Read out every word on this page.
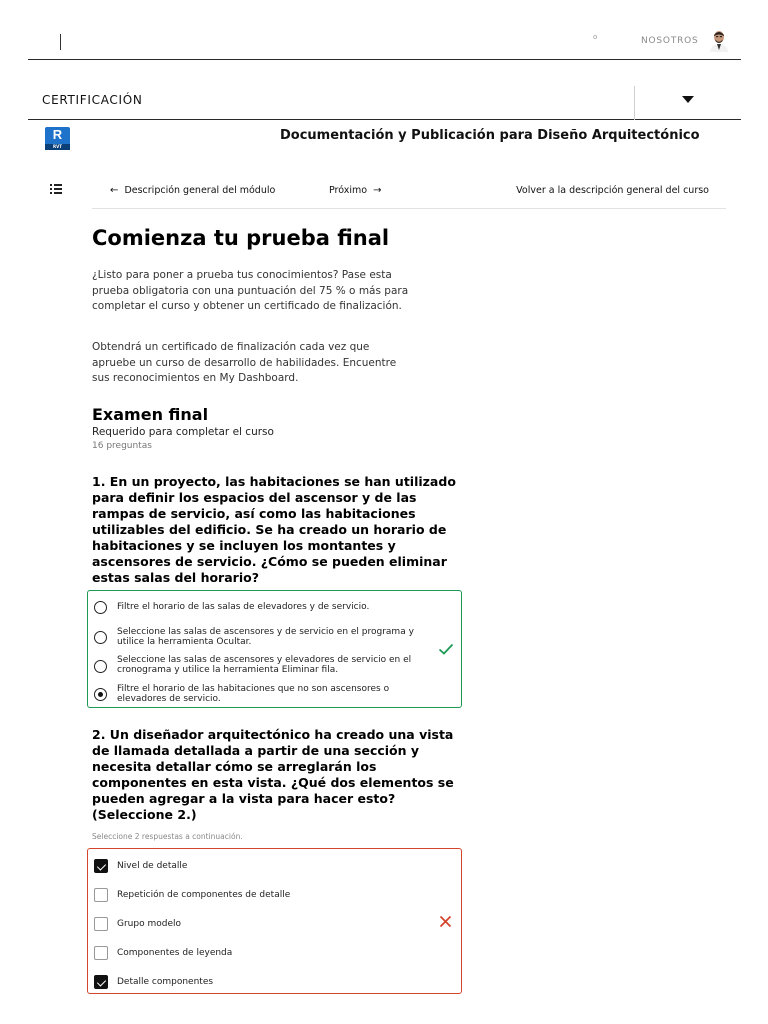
o	NOSOTROS
CERTIFICACIÓN
R
RVT
Documentación y Publicación para Diseño Arquitectónico
← Descripción general del módulo	Próximo →	Volver a la descripción general del curso
Comienza tu prueba final
¿Listo para poner a prueba tus conocimientos? Pase esta prueba obligatoria con una puntuación del 75 % o más para completar el curso y obtener un certificado de finalización.
Obtendrá un certificado de finalización cada vez que apruebe un curso de desarrollo de habilidades. Encuentre sus reconocimientos en My Dashboard.
Examen final
Requerido para completar el curso
16 preguntas
1. En un proyecto, las habitaciones se han utilizado para definir los espacios del ascensor y de las rampas de servicio, así como las habitaciones utilizables del edificio. Se ha creado un horario de habitaciones y se incluyen los montantes y ascensores de servicio. ¿Cómo se pueden eliminar estas salas del horario?
Filtre el horario de las salas de elevadores y de servicio.
Seleccione las salas de ascensores y de servicio en el programa y utilice la herramienta Ocultar.
Seleccione las salas de ascensores y elevadores de servicio en el cronograma y utilice la herramienta Eliminar fila.
Filtre el horario de las habitaciones que no son ascensores o elevadores de servicio.
2. Un diseñador arquitectónico ha creado una vista de llamada detallada a partir de una sección y necesita detallar cómo se arreglarán los componentes en esta vista. ¿Qué dos elementos se pueden agregar a la vista para hacer esto? (Seleccione 2.)
Seleccione 2 respuestas a continuación.
Nivel de detalle
Repetición de componentes de detalle
Grupo modelo
Componentes de leyenda
Detalle componentes
